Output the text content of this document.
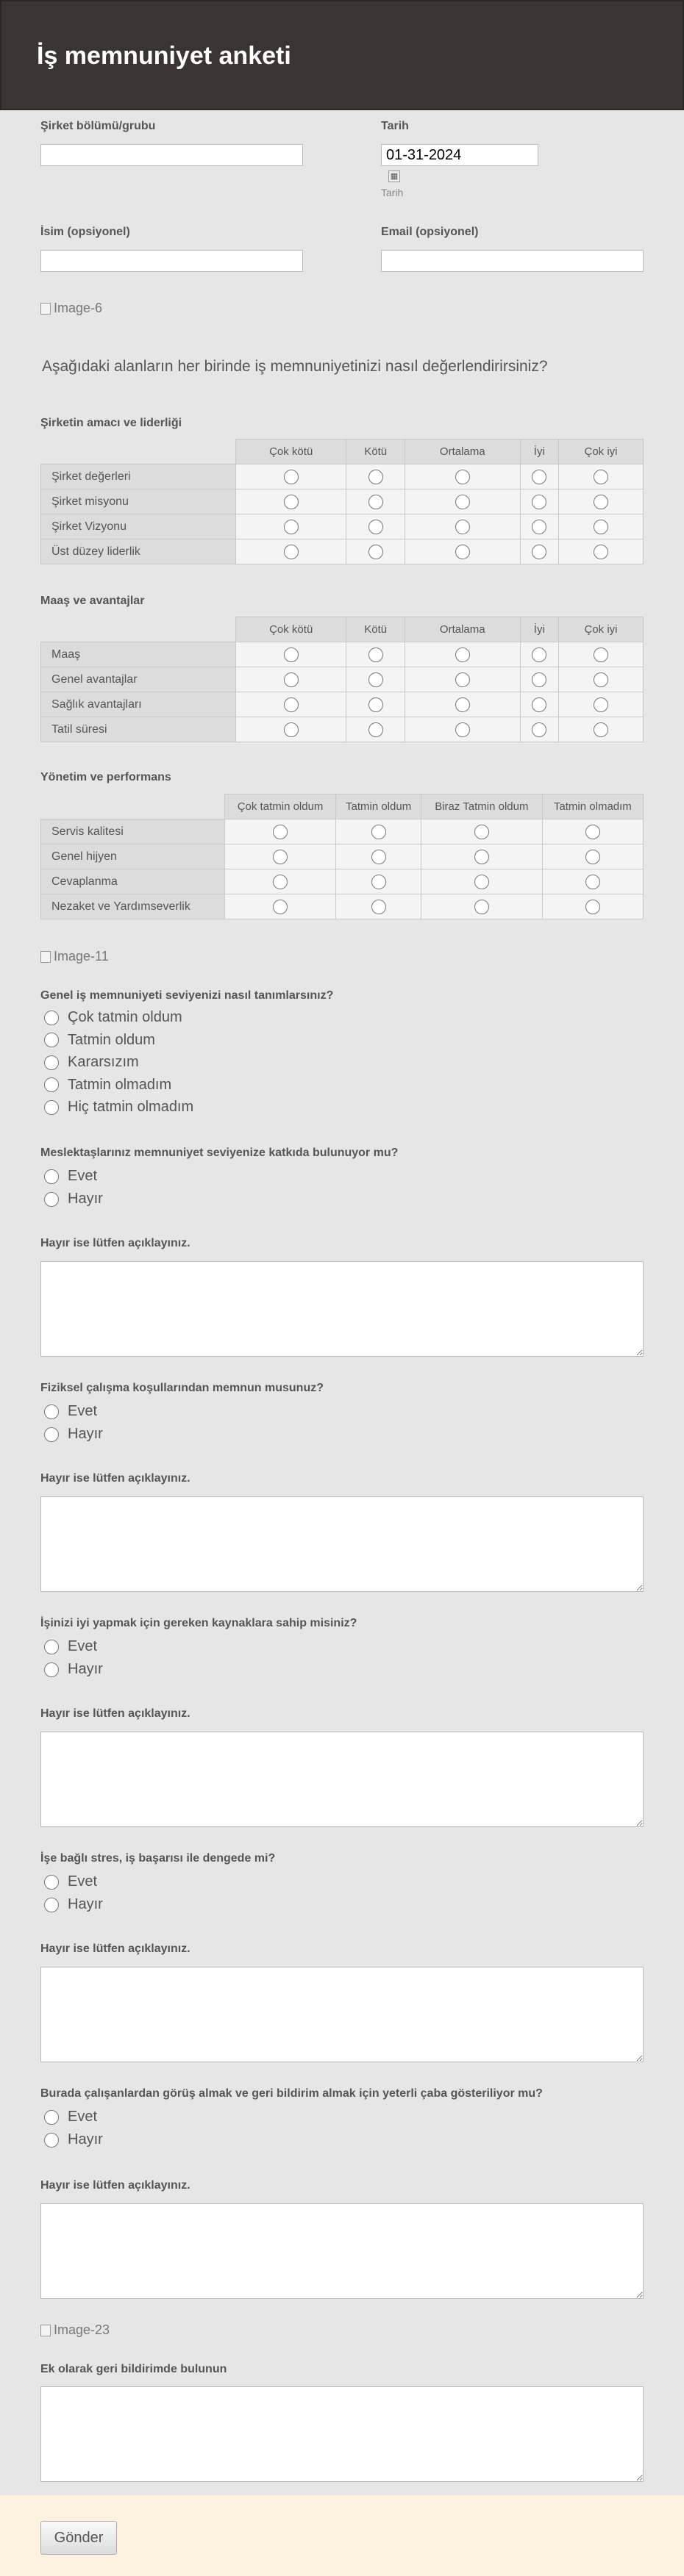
İş memnuniyet anketi
Şirket bölümü/grubu	Tarih
01-31-2024
▦
Tarih
İsim (opsiyonel)	Email (opsiyonel)
Image-6
Aşağıdaki alanların her birinde iş memnuniyetinizi nasıl değerlendirirsiniz?
Şirketin amacı ve liderliği
	Çok kötü	Kötü	Ortalama	İyi	Çok iyi
Şirket değerleri					
Şirket misyonu					
Şirket Vizyonu					
Üst düzey liderlik					
Maaş ve avantajlar
	Çok kötü	Kötü	Ortalama	İyi	Çok iyi
Maaş					
Genel avantajlar					
Sağlık avantajları					
Tatil süresi					
Yönetim ve performans
	Çok tatmin oldum	Tatmin oldum	Biraz Tatmin oldum	Tatmin olmadım
Servis kalitesi				
Genel hijyen				
Cevaplanma				
Nezaket ve Yardımseverlik				
Image-11
Genel iş memnuniyeti seviyenizi nasıl tanımlarsınız?
Çok tatmin oldum
Tatmin oldum
Kararsızım
Tatmin olmadım
Hiç tatmin olmadım
Meslektaşlarınız memnuniyet seviyenize katkıda bulunuyor mu?
Evet
Hayır
Hayır ise lütfen açıklayınız.
Fiziksel çalışma koşullarından memnun musunuz?
Evet
Hayır
Hayır ise lütfen açıklayınız.
İşinizi iyi yapmak için gereken kaynaklara sahip misiniz?
Evet
Hayır
Hayır ise lütfen açıklayınız.
İşe bağlı stres, iş başarısı ile dengede mi?
Evet
Hayır
Hayır ise lütfen açıklayınız.
Burada çalışanlardan görüş almak ve geri bildirim almak için yeterli çaba gösteriliyor mu?
Evet
Hayır
Hayır ise lütfen açıklayınız.
Image-23
Ek olarak geri bildirimde bulunun
Gönder
